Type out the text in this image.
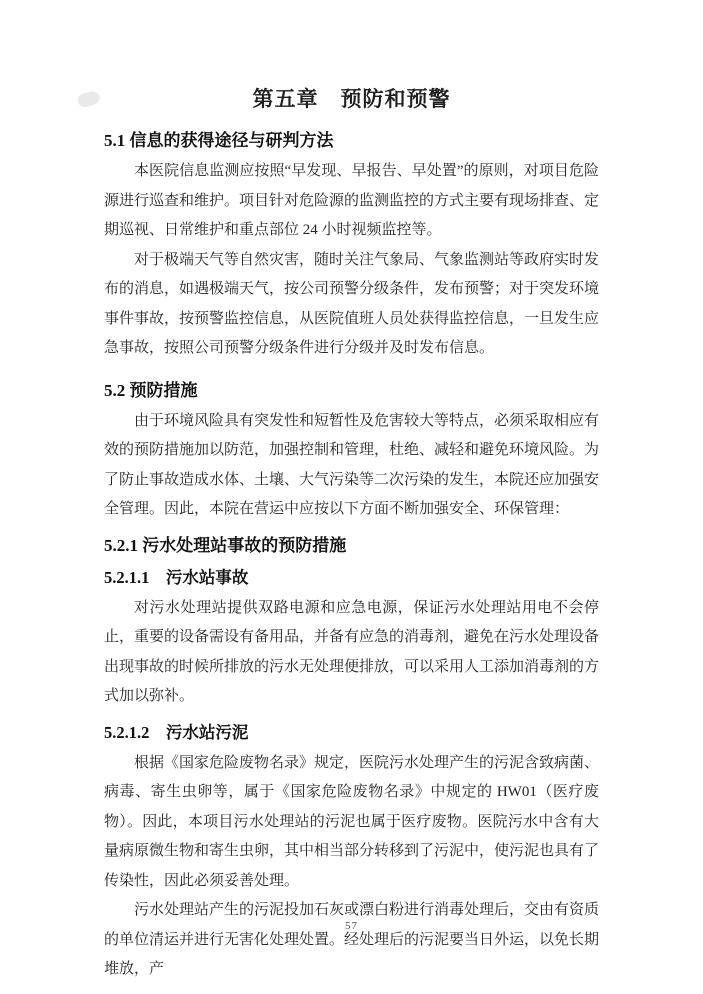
第五章　预防和预警
5.1 信息的获得途径与研判方法

本医院信息监测应按照“早发现、早报告、早处置”的原则，对项目危险源进行巡查和维护。项目针对危险源的监测监控的方式主要有现场排查、定期巡视、日常维护和重点部位 24 小时视频监控等。

对于极端天气等自然灾害，随时关注气象局、气象监测站等政府实时发布的消息，如遇极端天气，按公司预警分级条件，发布预警；对于突发环境事件事故，按预警监控信息，从医院值班人员处获得监控信息，一旦发生应急事故，按照公司预警分级条件进行分级并及时发布信息。

5.2 预防措施

由于环境风险具有突发性和短暂性及危害较大等特点，必须采取相应有效的预防措施加以防范，加强控制和管理，杜绝、减轻和避免环境风险。为了防止事故造成水体、土壤、大气污染等二次污染的发生，本院还应加强安全管理。因此，本院在营运中应按以下方面不断加强安全、环保管理：

5.2.1 污水处理站事故的预防措施
5.2.1.1　污水站事故

对污水处理站提供双路电源和应急电源，保证污水处理站用电不会停止，重要的设备需设有备用品，并备有应急的消毒剂，避免在污水处理设备出现事故的时候所排放的污水无处理便排放，可以采用人工添加消毒剂的方式加以弥补。

5.2.1.2　污水站污泥

根据《国家危险废物名录》规定，医院污水处理产生的污泥含致病菌、病毒、寄生虫卵等，属于《国家危险废物名录》中规定的 HW01（医疗废物）。因此，本项目污水处理站的污泥也属于医疗废物。医院污水中含有大量病原微生物和寄生虫卵，其中相当部分转移到了污泥中，使污泥也具有了传染性，因此必须妥善处理。

污水处理站产生的污泥投加石灰或漂白粉进行消毒处理后，交由有资质的单位清运并进行无害化处理处置。经处理后的污泥要当日外运，以免长期堆放，产

57
